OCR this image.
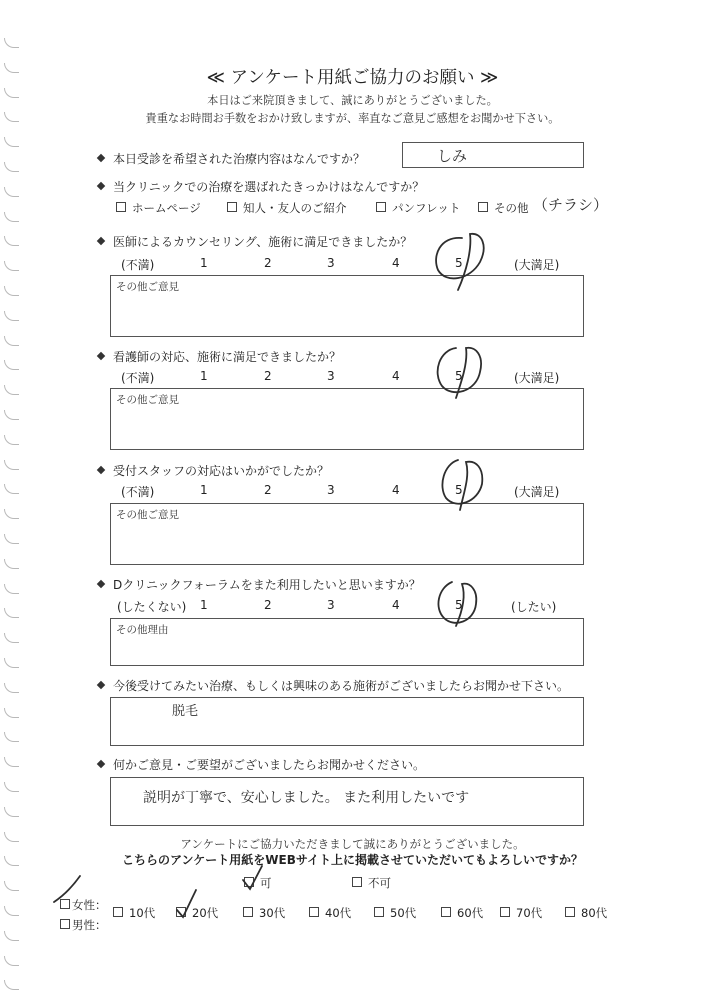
≪ アンケート用紙ご協力のお願い ≫
本日はご来院頂きまして、誠にありがとうございました。
貴重なお時間お手数をおかけ致しますが、率直なご意見ご感想をお聞かせ下さい。
本日受診を希望された治療内容はなんですか？	しみ
当クリニックでの治療を選ばれたきっかけはなんですか？
ホームページ	知人・友人のご紹介	パンフレット	その他 （チラシ）
医師によるカウンセリング、施術に満足できましたか？
(不満)	1	2	3	4	5	(大満足)
その他ご意見
看護師の対応、施術に満足できましたか？
(不満)	1	2	3	4	5	(大満足)
その他ご意見
受付スタッフの対応はいかがでしたか？
(不満)	1	2	3	4	5	(大満足)
その他ご意見
Dクリニックフォーラムをまた利用したいと思いますか？
(したくない) 1	2	3	4	5	(したい)
その他理由
今後受けてみたい治療、もしくは興味のある施術がございましたらお聞かせ下さい。
脱毛
何かご意見・ご要望がございましたらお聞かせください。
説明が丁寧で、安心しました。 また利用したいです
アンケートにご協力いただきまして誠にありがとうございました。
こちらのアンケート用紙をWEBサイト上に掲載させていただいてもよろしいですか？
可	不可
女性：
男性：
10代	20代	30代	40代	50代	60代	70代	80代
